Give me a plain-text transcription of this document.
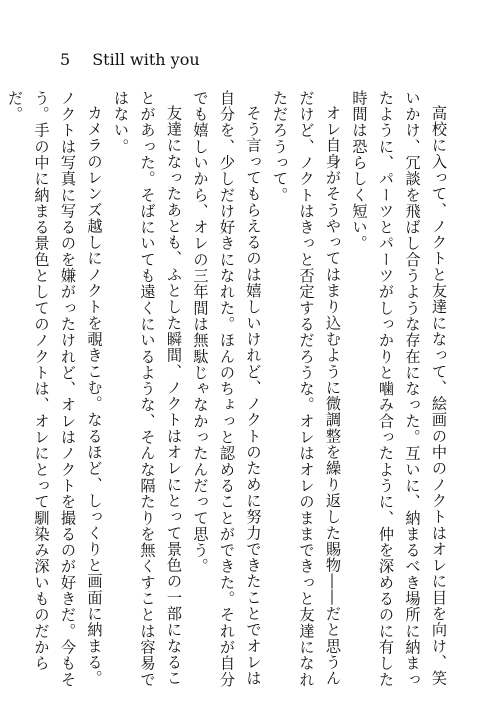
5 Still with you

高校に入って、ノクトと友達になって、絵画の中のノクトはオレに目を向け、笑いかけ、冗談を飛ばし合うような存在になった。互いに、納まるべき場所に納まったように、パーツとパーツがしっかりと噛み合ったように、仲を深めるのに有した時間は恐らしく短い。

オレ自身がそうやってはまり込むように微調整を繰り返した賜物――だと思うんだけど、ノクトはきっと否定するだろうな。オレはオレのままできっと友達になれただろうって。

そう言ってもらえるのは嬉しいけれど、ノクトのために努力できたことでオレは自分を、少しだけ好きになれた。ほんのちょっと認めることができた。それが自分でも嬉しいから、オレの三年間は無駄じゃなかったんだって思う。

友達になったあとも、ふとした瞬間、ノクトはオレにとって景色の一部になることがあった。そばにいても遠くにいるような、そんな隔たりを無くすことは容易ではない。

カメラのレンズ越しにノクトを覗きこむ。なるほど、しっくりと画面に納まる。ノクトは写真に写るのを嫌がったけれど、オレはノクトを撮るのが好きだ。今もそう。手の中に納まる景色としてのノクトは、オレにとって馴染み深いものだからだ。
